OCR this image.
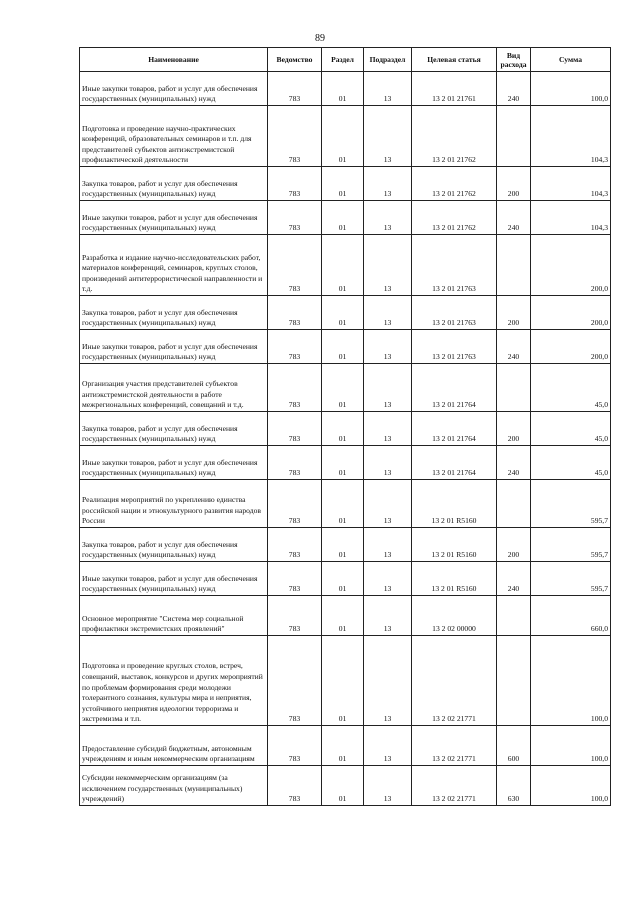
89
Наименование	Ведомство	Раздел	Подраздел	Целевая статья	Вид расхода	Сумма
Иные закупки товаров, работ и услуг для обеспечения государственных (муниципальных) нужд	783	01	13	13 2 01 21761	240	100,0
Подготовка и проведение научно-практических конференций, образовательных семинаров и т.п. для представителей субъектов антиэкстремистской профилактической деятельности	783	01	13	13 2 01 21762		104,3
Закупка товаров, работ и услуг для обеспечения государственных (муниципальных) нужд	783	01	13	13 2 01 21762	200	104,3
Иные закупки товаров, работ и услуг для обеспечения государственных (муниципальных) нужд	783	01	13	13 2 01 21762	240	104,3
Разработка и издание научно-исследовательских работ, материалов конференций, семинаров, круглых столов, произведений антитеррористической направленности и т.д.	783	01	13	13 2 01 21763		200,0
Закупка товаров, работ и услуг для обеспечения государственных (муниципальных) нужд	783	01	13	13 2 01 21763	200	200,0
Иные закупки товаров, работ и услуг для обеспечения государственных (муниципальных) нужд	783	01	13	13 2 01 21763	240	200,0
Организация участия представителей субъектов антиэкстремистской деятельности в работе межрегиональных конференций, совещаний и т.д.	783	01	13	13 2 01 21764		45,0
Закупка товаров, работ и услуг для обеспечения государственных (муниципальных) нужд	783	01	13	13 2 01 21764	200	45,0
Иные закупки товаров, работ и услуг для обеспечения государственных (муниципальных) нужд	783	01	13	13 2 01 21764	240	45,0
Реализация мероприятий по укреплению единства российской нации и этнокультурного развития народов России	783	01	13	13 2 01 R5160		595,7
Закупка товаров, работ и услуг для обеспечения государственных (муниципальных) нужд	783	01	13	13 2 01 R5160	200	595,7
Иные закупки товаров, работ и услуг для обеспечения государственных (муниципальных) нужд	783	01	13	13 2 01 R5160	240	595,7
Основное мероприятие "Система мер социальной профилактики экстремистских проявлений"	783	01	13	13 2 02 00000		660,0
Подготовка и проведение круглых столов, встреч, совещаний, выставок, конкурсов и других мероприятий по проблемам формирования среди молодежи толерантного сознания, культуры мира и неприятия, устойчивого неприятия идеологии терроризма и экстремизма и т.п.	783	01	13	13 2 02 21771		100,0
Предоставление субсидий бюджетным, автономным учреждениям и иным некоммерческим организациям	783	01	13	13 2 02 21771	600	100,0
Субсидии некоммерческим организациям (за исключением государственных (муниципальных) учреждений)	783	01	13	13 2 02 21771	630	100,0
